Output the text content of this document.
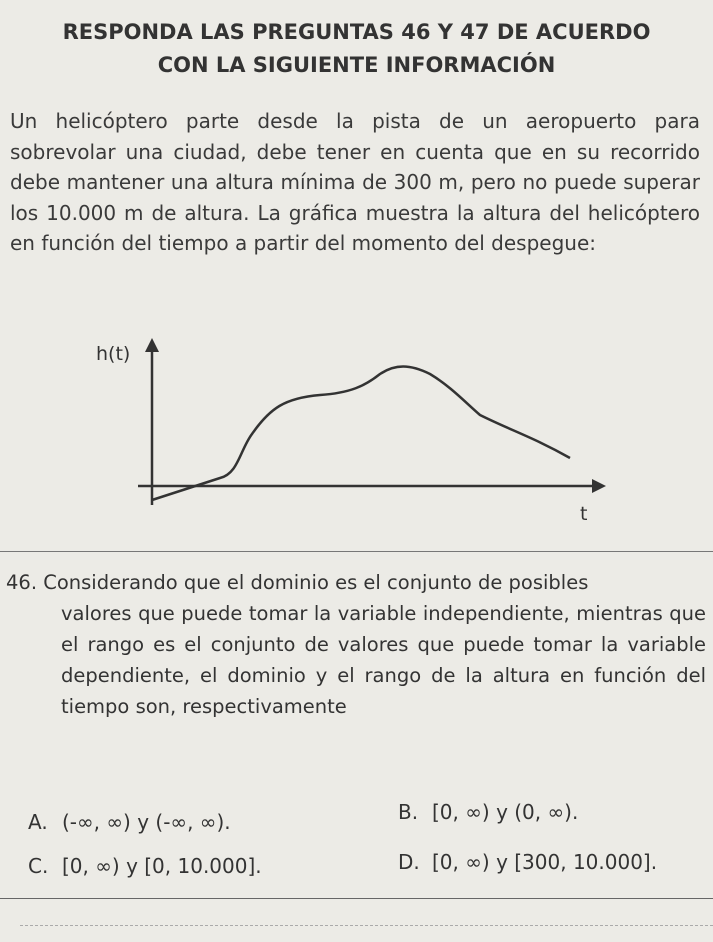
RESPONDA LAS PREGUNTAS 46 Y 47 DE ACUERDO
CON LA SIGUIENTE INFORMACIÓN
Un helicóptero parte desde la pista de un aeropuerto para sobrevolar una ciudad, debe tener en cuenta que en su recorrido debe mantener una altura mínima de 300 m, pero no puede superar los 10.000 m de altura. La gráfica muestra la altura del helicóptero en función del tiempo a partir del momento del despegue:
h(t)
t
46. Considerando que el dominio es el conjunto de posibles
valores que puede tomar la variable independiente, mientras que el rango es el conjunto de valores que puede tomar la variable dependiente, el dominio y el rango de la altura en función del tiempo son, respectivamente
A. (-∞, ∞) y (-∞, ∞).	B. [0, ∞) y (0, ∞).
C. [0, ∞) y [0, 10.000].	D. [0, ∞) y [300, 10.000].
